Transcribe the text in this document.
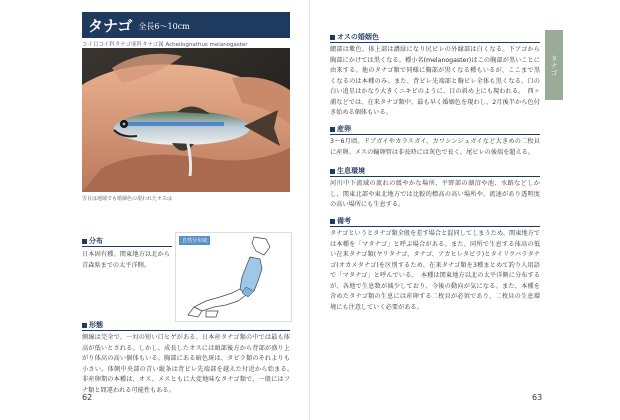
タナゴ 全長6～10cm
コイ目コイ科タナゴ亜科タナゴ属 Acheilognathus melanogaster
雪目は地域でも婚姻色の現われたオスは
分布
日本固有種。関東地方以北から青森県までの太平洋側。
自然分布域
形態
側線は完全で、一対の短い口ヒゲがある。日本産タナゴ類の中では最も体高が低いとされる。しかし、成長したオスには頭部後方から背部が盛り上がり体高の高い個体もいる。胸部にある暗色斑は、タビラ類のそれよりも小さい。体側中央部の青い縦条は背ビレ先端部を越えた付近から始まる。　非産卵期の本種は、オス、メスともに大変地味なタナゴ類で、一般にはフナ類と間違われる可能性もある。
62
オスの婚姻色
鰓部は紫色、体上部は濃緑になり尻ビレの外縁部は白くなる。下アゴから胸部にかけては黒くなる。種小名(melanogaster)はこの胸部が黒いことに由来する。他のタナゴ類で同様に胸部が黒くなる種もいるが、ここまで黒くなるのは本種のみ。また、背ビレ先端部と胸ビレ全体も黒くなる。口の白い追星はかなり大きくニキビのように、目の斜め上にも現われる。　西ヶ浦などでは、在来タナゴ類中、最も早く婚姻色を現わし、2月後半から色付き始める個体もいる。
産卵
3～6月頃。ドブガイやカラスガイ、カワシンジュガイなど大きめの二枚貝に産卵。メスの輸卵管は非長時には灰色で長く、尾ビレの後端を超える。
生息環境
河川中下流域の流れの緩やかな場所、平野部の湖沼や池、水路などしかし、関東北部や東北地方では比較的標高の高い場所や、流速があり透明度の高い場所にも生息する。
備考
タナゴというとタナゴ類全般を差す場合と混同してしまうため、関東地方では本種を「マタナゴ」と呼ぶ場合がある。また、同所で生息する体高の低い在来タナゴ類(ヤリタナゴ、タナゴ、アカヒレタビラ)とタイリクバラタナゴ(オカメタナゴ)を区別するため、在来タナゴ類を3種まとめて釣り人用語で「マタナゴ」と呼んでいる。　本種は関東地方以北の太平洋側に分布するが、各地で生息数が減少しており、今後の動向が気になる。また、本種を含めたタナゴ類の生息には産卵する二枚貝が必須であり、二枚貝の生息環境にも注意していく必要がある。
63
タナゴ
